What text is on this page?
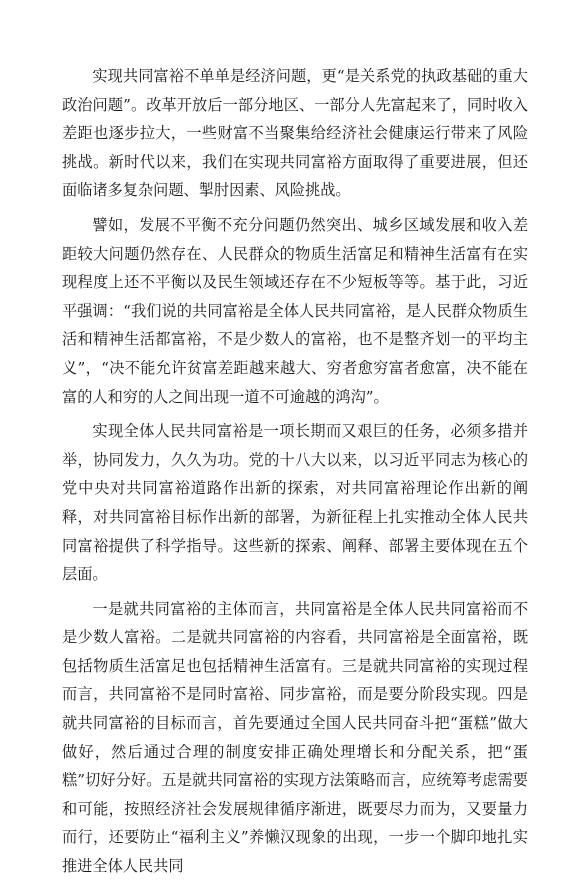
实现共同富裕不单单是经济问题，更“是关系党的执政基础的重大政治问题”。改革开放后一部分地区、一部分人先富起来了，同时收入差距也逐步拉大，一些财富不当聚集给经济社会健康运行带来了风险挑战。新时代以来，我们在实现共同富裕方面取得了重要进展，但还面临诸多复杂问题、掣肘因素、风险挑战。

譬如，发展不平衡不充分问题仍然突出、城乡区域发展和收入差距较大问题仍然存在、人民群众的物质生活富足和精神生活富有在实现程度上还不平衡以及民生领域还存在不少短板等等。基于此，习近平强调：“我们说的共同富裕是全体人民共同富裕，是人民群众物质生活和精神生活都富裕，不是少数人的富裕，也不是整齐划一的平均主义”，“决不能允许贫富差距越来越大、穷者愈穷富者愈富，决不能在富的人和穷的人之间出现一道不可逾越的鸿沟”。

实现全体人民共同富裕是一项长期而又艰巨的任务，必须多措并举，协同发力，久久为功。党的十八大以来，以习近平同志为核心的党中央对共同富裕道路作出新的探索，对共同富裕理论作出新的阐释，对共同富裕目标作出新的部署，为新征程上扎实推动全体人民共同富裕提供了科学指导。这些新的探索、阐释、部署主要体现在五个层面。

一是就共同富裕的主体而言，共同富裕是全体人民共同富裕而不是少数人富裕。二是就共同富裕的内容看，共同富裕是全面富裕，既包括物质生活富足也包括精神生活富有。三是就共同富裕的实现过程而言，共同富裕不是同时富裕、同步富裕，而是要分阶段实现。四是就共同富裕的目标而言，首先要通过全国人民共同奋斗把“蛋糕”做大做好，然后通过合理的制度安排正确处理增长和分配关系，把“蛋糕”切好分好。五是就共同富裕的实现方法策略而言，应统筹考虑需要和可能，按照经济社会发展规律循序渐进，既要尽力而为，又要量力而行，还要防止“福利主义”养懒汉现象的出现，一步一个脚印地扎实推进全体人民共同
